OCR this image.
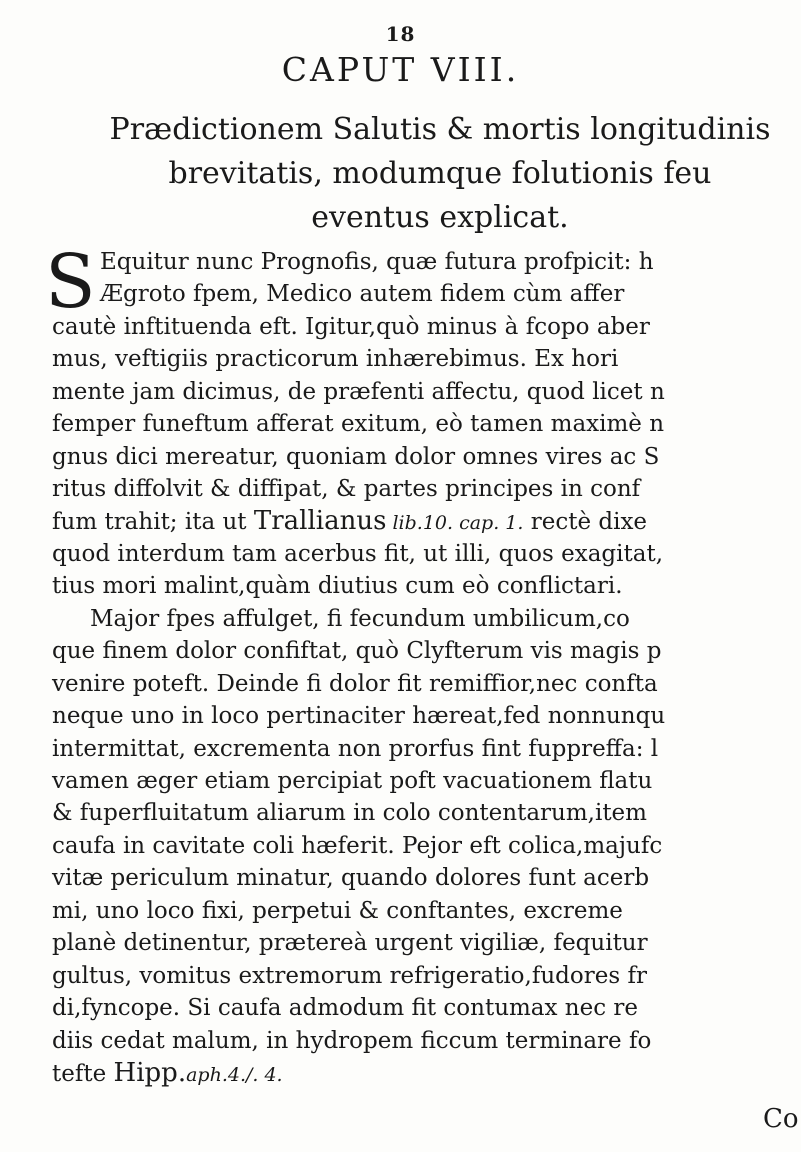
18
CAPUT VIII.
Prædictionem Salutis & mortis longitudinis
brevitatis, modumque folutionis feu
eventus explicat.
S Equitur nunc Prognofis, quæ futura profpicit: h
Ægroto fpem, Medico autem fidem cùm affer
cautè inftituenda eft. Igitur,quò minus à fcopo aber
mus, veftigiis practicorum inhærebimus. Ex hori
mente jam dicimus, de præfenti affectu, quod licet n
femper funeftum afferat exitum, eò tamen maximè n
gnus dici mereatur, quoniam dolor omnes vires ac S
ritus diffolvit & diffipat, & partes principes in conf
fum trahit; ita ut Trallianus lib.10. cap. 1. rectè dixe
quod interdum tam acerbus fit, ut illi, quos exagitat,
tius mori malint,quàm diutius cum eò conflictari.
Major fpes affulget, fi fecundum umbilicum,co
que finem dolor confiftat, quò Clyfterum vis magis p
venire poteft. Deinde fi dolor fit remiffior,nec confta
neque uno in loco pertinaciter hæreat,fed nonnunqu
intermittat, excrementa non prorfus fint fuppreffa: l
vamen æger etiam percipiat poft vacuationem flatu
& fuperfluitatum aliarum in colo contentarum,item
caufa in cavitate coli hæferit. Pejor eft colica,majufc
vitæ periculum minatur, quando dolores funt acerb
mi, uno loco fixi, perpetui & conftantes, excreme
planè detinentur, prætereà urgent vigiliæ, fequitur
gultus, vomitus extremorum refrigeratio,fudores fr
di,fyncope. Si caufa admodum fit contumax nec re
diis cedat malum, in hydropem ficcum terminare fo
tefte Hipp.aph.4./. 4.
Co
